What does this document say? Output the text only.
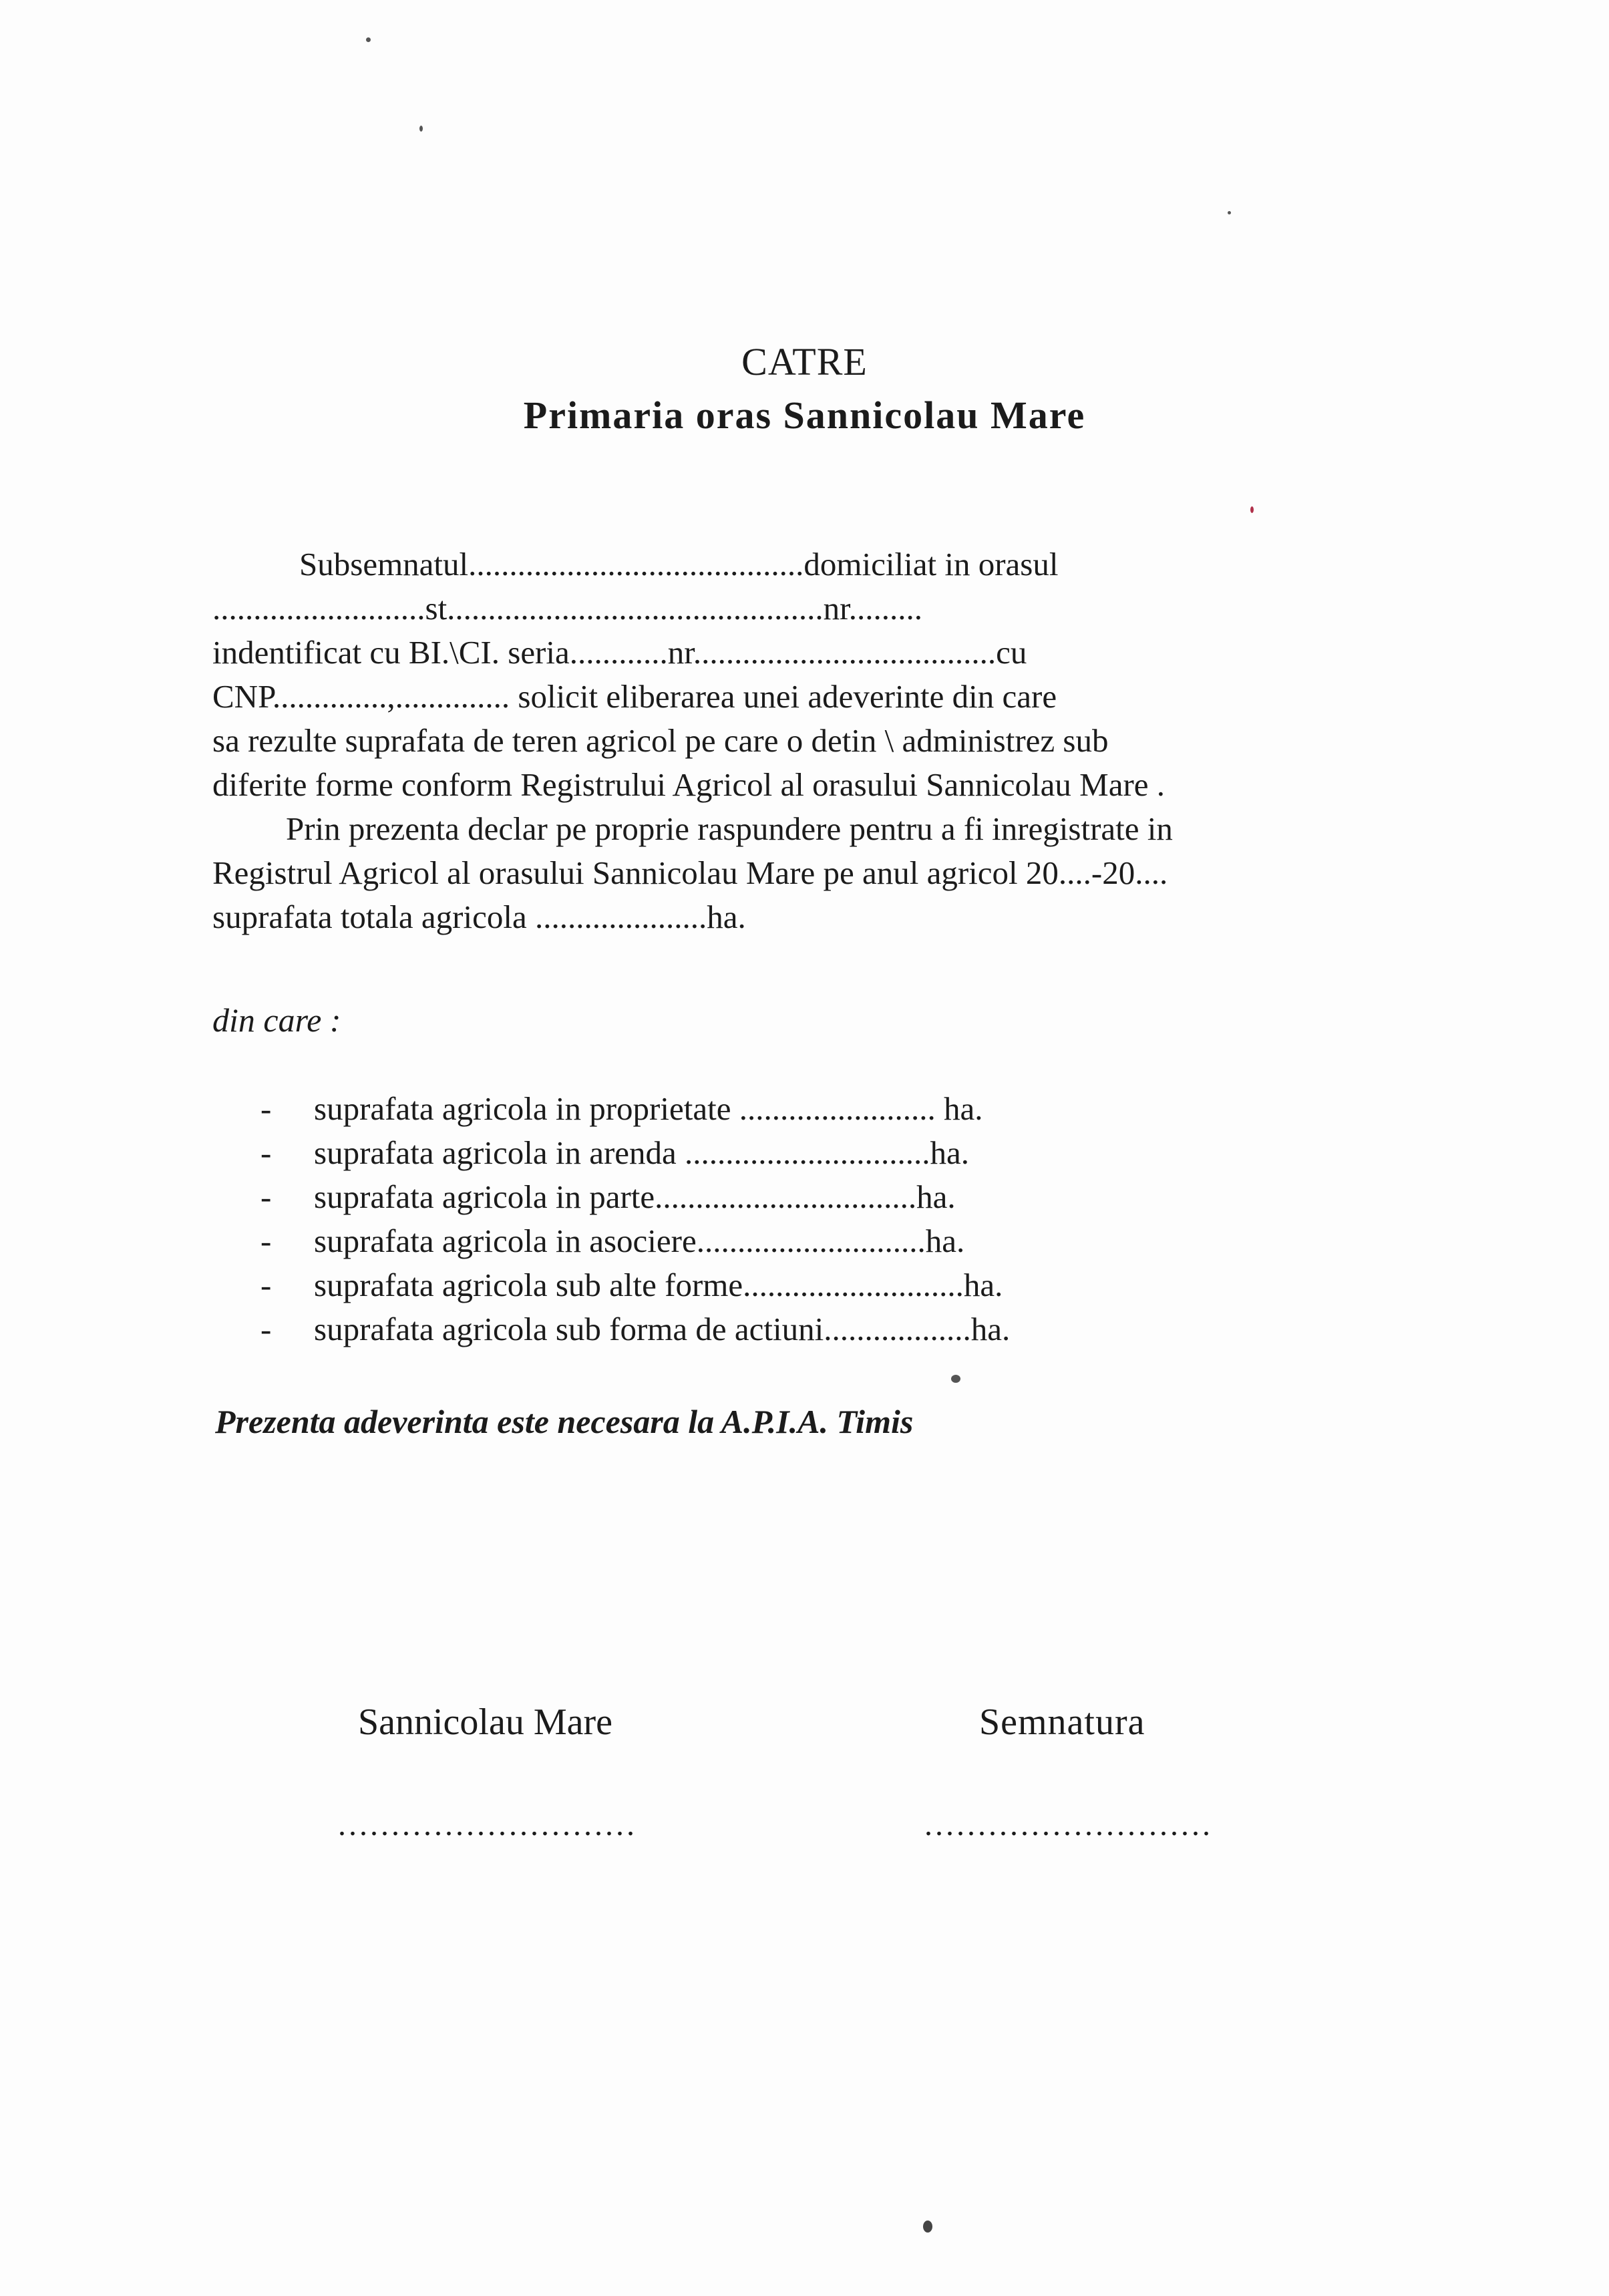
CATRE
Primaria oras Sannicolau Mare
Subsemnatul.........................................domiciliat in orasul
..........................st..............................................nr.........
indentificat cu BI.\CI. seria............nr.....................................cu
CNP..............,.............. solicit eliberarea unei adeverinte din care
sa rezulte suprafata de teren agricol pe care o detin \ administrez sub
diferite forme conform Registrului Agricol al orasului Sannicolau Mare .
Prin prezenta declar pe proprie raspundere pentru a fi inregistrate in
Registrul Agricol al orasului Sannicolau Mare pe anul agricol 20....-20....
suprafata totala agricola .....................ha.
din care :
- suprafata agricola in proprietate ........................ ha.
- suprafata agricola in arenda ..............................ha.
- suprafata agricola in parte................................ha.
- suprafata agricola in asociere............................ha.
- suprafata agricola sub alte forme...........................ha.
- suprafata agricola sub forma de actiuni..................ha.
Prezenta adeverinta este necesara la A.P.I.A. Timis
Sannicolau Mare	Semnatura
............................	...........................
